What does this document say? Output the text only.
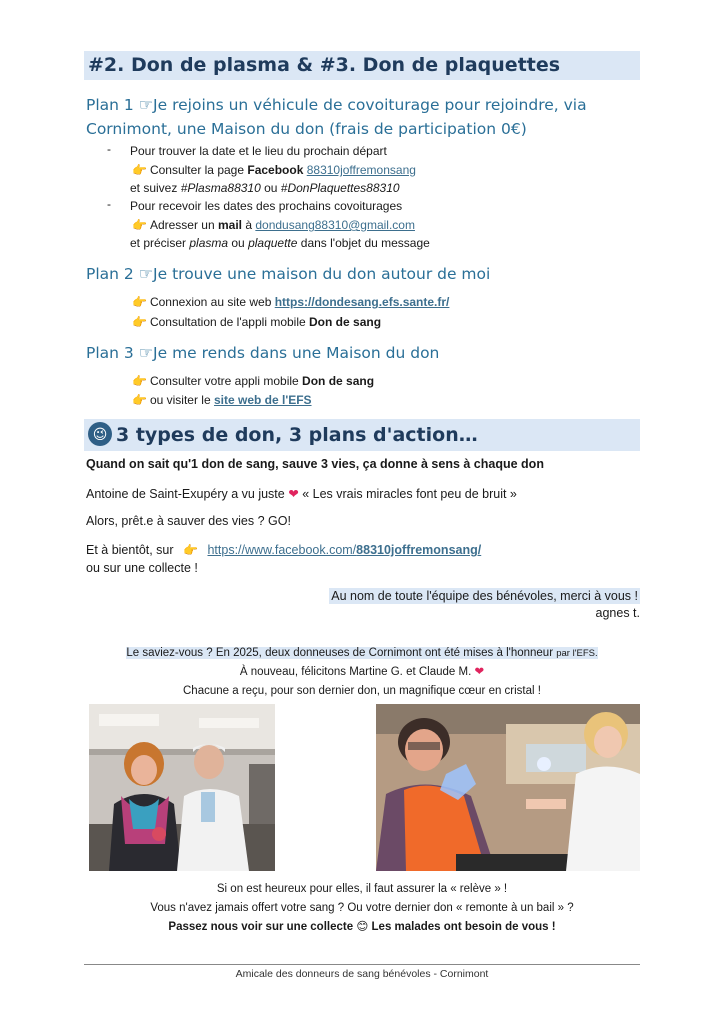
#2. Don de plasma & #3. Don de plaquettes
Plan 1 ☞Je rejoins un véhicule de covoiturage pour rejoindre, via
Cornimont, une Maison du don (frais de participation 0€)
- Pour trouver la date et le lieu du prochain départ
👉 Consulter la page Facebook 88310joffremonsang
et suivez #Plasma88310 ou #DonPlaquettes88310
- Pour recevoir les dates des prochains covoiturages
👉 Adresser un mail à dondusang88310@gmail.com
et préciser plasma ou plaquette dans l'objet du message
Plan 2 ☞Je trouve une maison du don autour de moi
👉 Connexion au site web https://dondesang.efs.sante.fr/
👉 Consultation de l'appli mobile Don de sang
Plan 3 ☞Je me rends dans une Maison du don
👉 Consulter votre appli mobile Don de sang
👉 ou visiter le site web de l'EFS
😉 3 types de don, 3 plans d'action…
Quand on sait qu'1 don de sang, sauve 3 vies, ça donne à sens à chaque don
Antoine de Saint-Exupéry a vu juste ❤ « Les vrais miracles font peu de bruit »
Alors, prêt.e à sauver des vies ? GO!
Et à bientôt, sur 👉 https://www.facebook.com/88310joffremonsang/
ou sur une collecte !
Au nom de toute l'équipe des bénévoles, merci à vous !
agnes t.
Le saviez-vous ? En 2025, deux donneuses de Cornimont ont été mises à l'honneur par l'EFS.
À nouveau, félicitons Martine G. et Claude M. ❤
Chacune a reçu, pour son dernier don, un magnifique cœur en cristal !
Si on est heureux pour elles, il faut assurer la « relève » !
Vous n'avez jamais offert votre sang ? Ou votre dernier don « remonte à un bail » ?
Passez nous voir sur une collecte 😊 Les malades ont besoin de vous !
Amicale des donneurs de sang bénévoles - Cornimont
